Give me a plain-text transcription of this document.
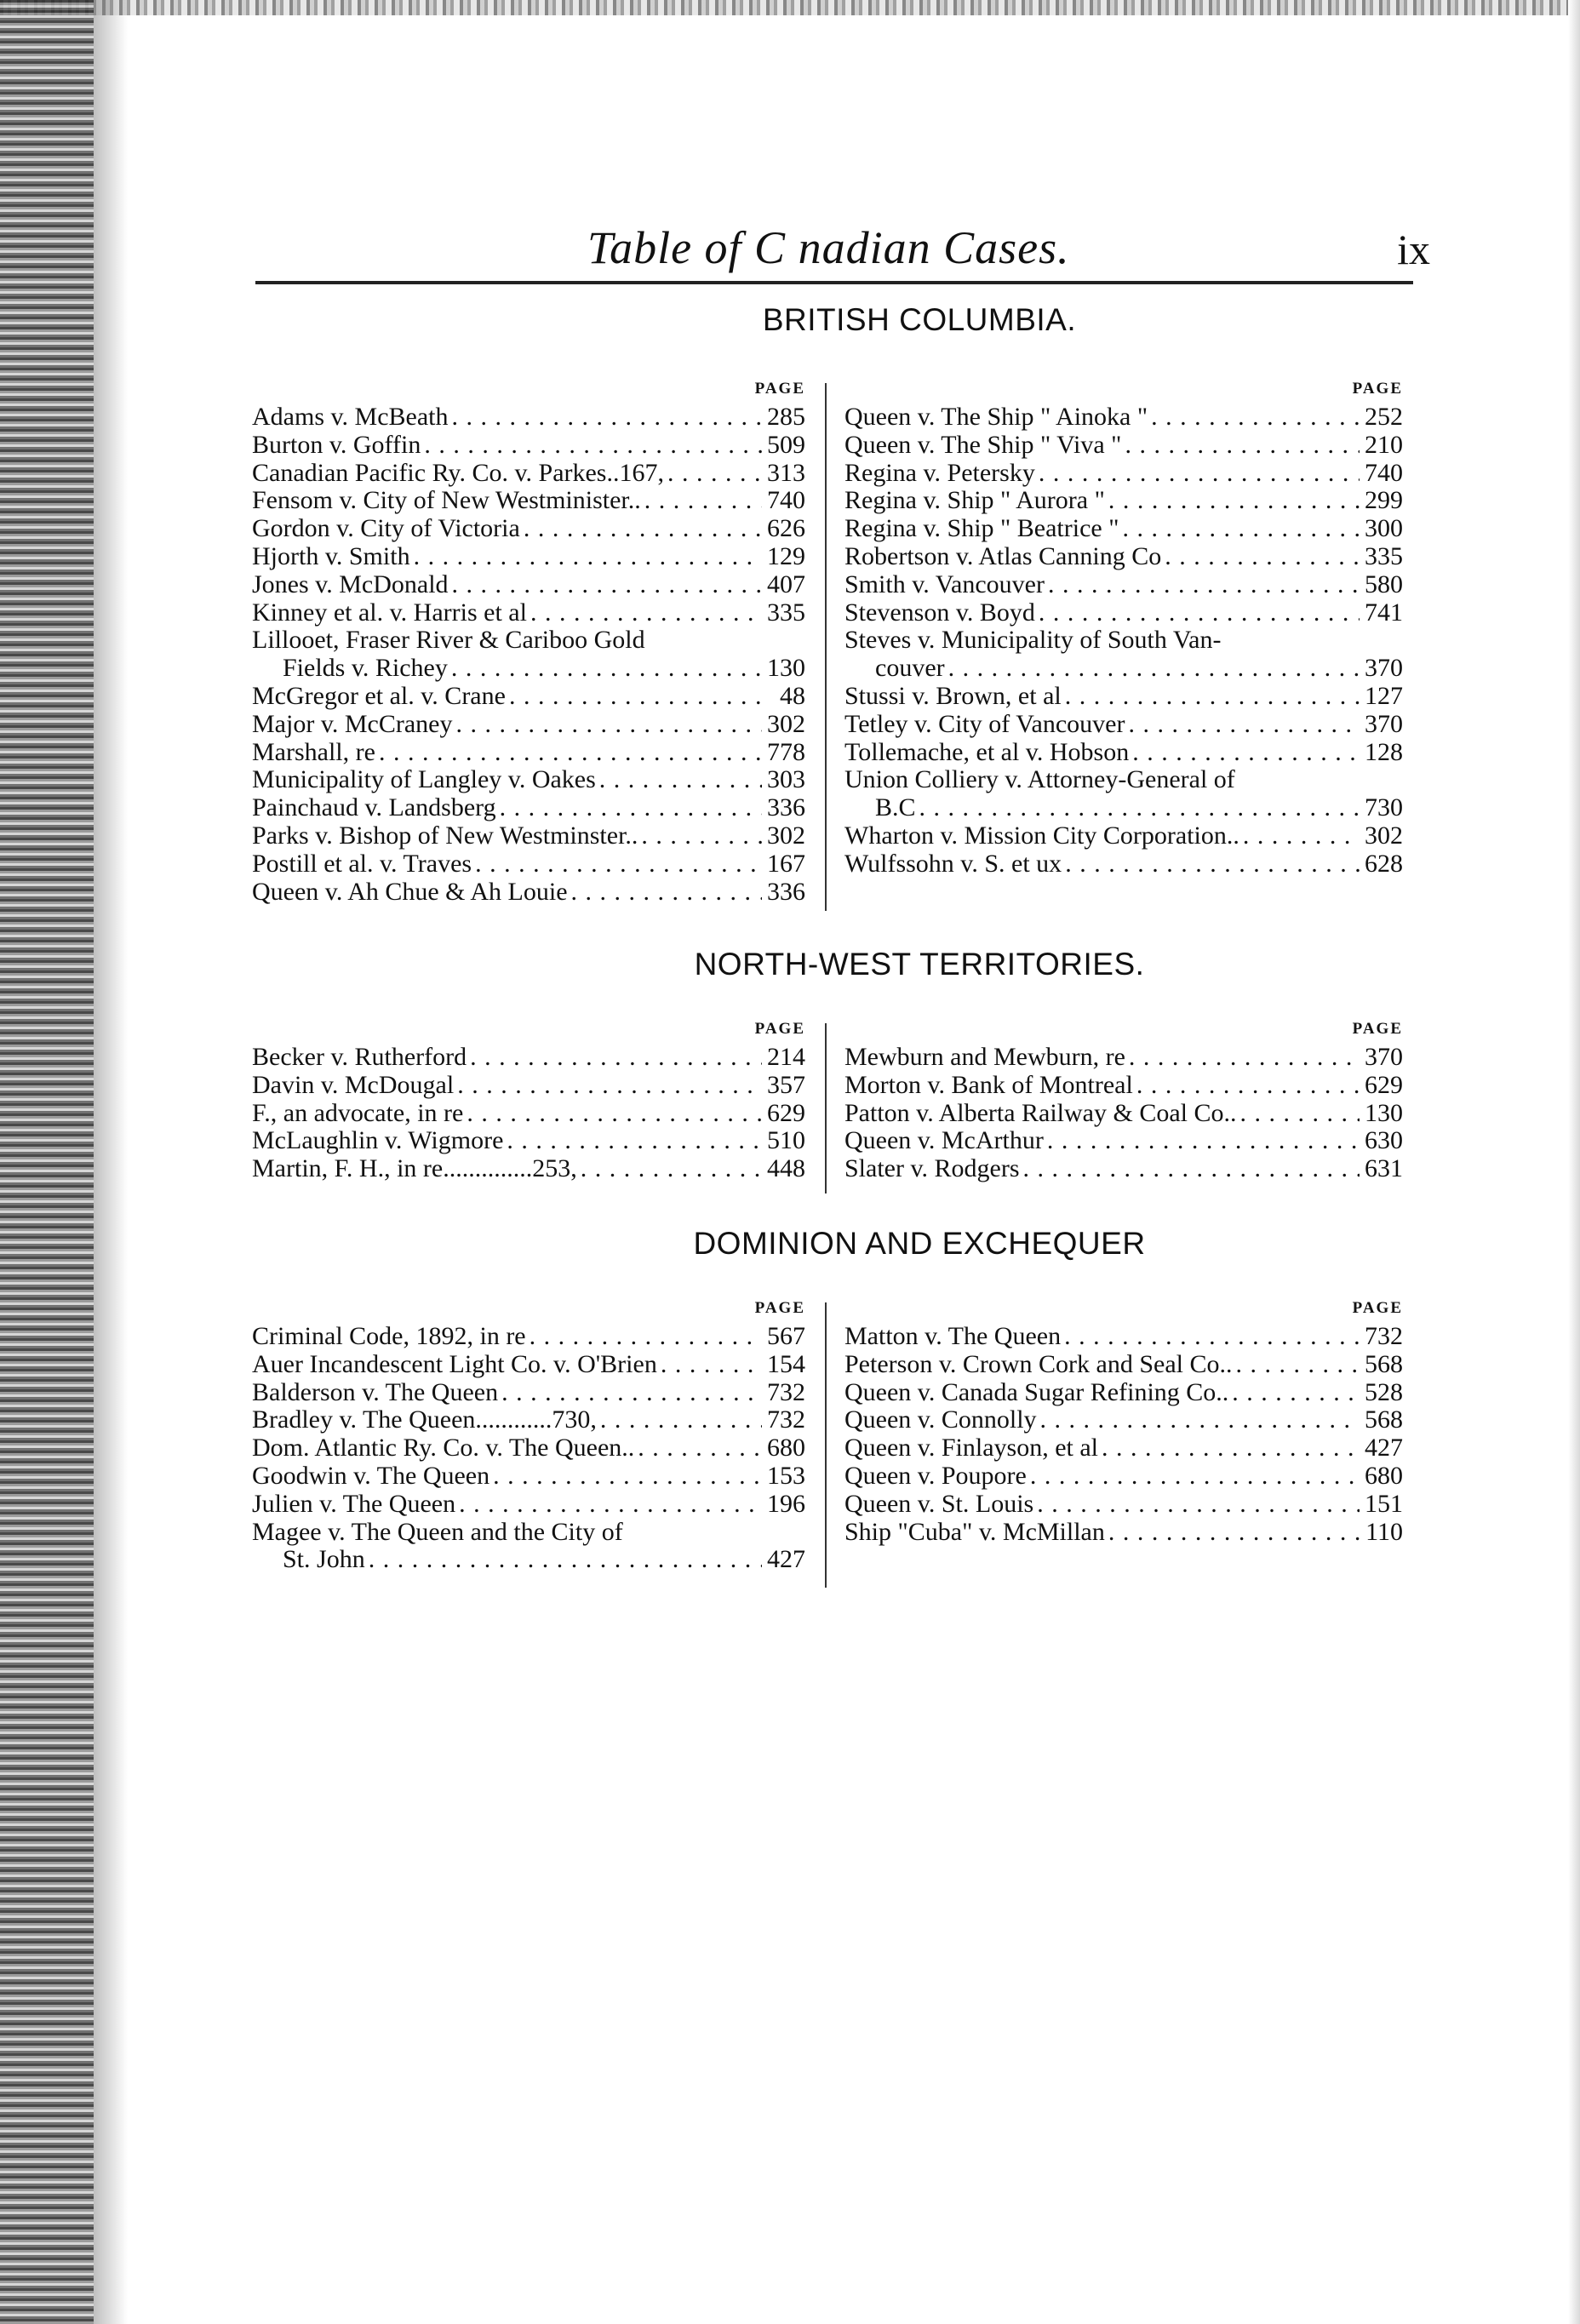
Table of C nadian Cases.	ix
BRITISH COLUMBIA.
PAGE
Adams v. McBeath . . .	285
Burton v. Goffin . . .	509
Canadian Pacific Ry. Co. v. Parkes..167, . . .	313
Fensom v. City of New Westminister.. . . .	740
Gordon v. City of Victoria . . .	626
Hjorth v. Smith . . .	129
Jones v. McDonald . . .	407
Kinney et al. v. Harris et al . . .	335
Lillooet, Fraser River & Cariboo Gold
Fields v. Richey . . .	130
McGregor et al. v. Crane . . .	48
Major v. McCraney . . .	302
Marshall, re . . .	778
Municipality of Langley v. Oakes . . .	303
Painchaud v. Landsberg . . .	336
Parks v. Bishop of New Westminster.. . . .	302
Postill et al. v. Traves . . .	167
Queen v. Ah Chue & Ah Louie . . .	336
PAGE
Queen v. The Ship " Ainoka " . . .	252
Queen v. The Ship " Viva " . . .	210
Regina v. Petersky . . .	740
Regina v. Ship " Aurora " . . .	299
Regina v. Ship " Beatrice " . . .	300
Robertson v. Atlas Canning Co . . .	335
Smith v. Vancouver . . .	580
Stevenson v. Boyd . . .	741
Steves v. Municipality of South Van-
couver . . .	370
Stussi v. Brown, et al . . .	127
Tetley v. City of Vancouver . . .	370
Tollemache, et al v. Hobson . . .	128
Union Colliery v. Attorney-General of
B.C . . .	730
Wharton v. Mission City Corporation.. . . .	302
Wulfssohn v. S. et ux . . .	628
NORTH-WEST TERRITORIES.
PAGE
Becker v. Rutherford . . .	214
Davin v. McDougal . . .	357
F., an advocate, in re . . .	629
McLaughlin v. Wigmore . . .	510
Martin, F. H., in re..............253, . . .	448
PAGE
Mewburn and Mewburn, re . . .	370
Morton v. Bank of Montreal . . .	629
Patton v. Alberta Railway & Coal Co.. . . .	130
Queen v. McArthur . . .	630
Slater v. Rodgers . . .	631
DOMINION AND EXCHEQUER
PAGE
Criminal Code, 1892, in re . . .	567
Auer Incandescent Light Co. v. O'Brien . . .	154
Balderson v. The Queen . . .	732
Bradley v. The Queen............730, . . .	732
Dom. Atlantic Ry. Co. v. The Queen.. . . .	680
Goodwin v. The Queen . . .	153
Julien v. The Queen . . .	196
Magee v. The Queen and the City of
St. John . . .	427
PAGE
Matton v. The Queen . . .	732
Peterson v. Crown Cork and Seal Co.. . . .	568
Queen v. Canada Sugar Refining Co.. . . .	528
Queen v. Connolly . . .	568
Queen v. Finlayson, et al . . .	427
Queen v. Poupore . . .	680
Queen v. St. Louis . . .	151
Ship "Cuba" v. McMillan . . .	110
